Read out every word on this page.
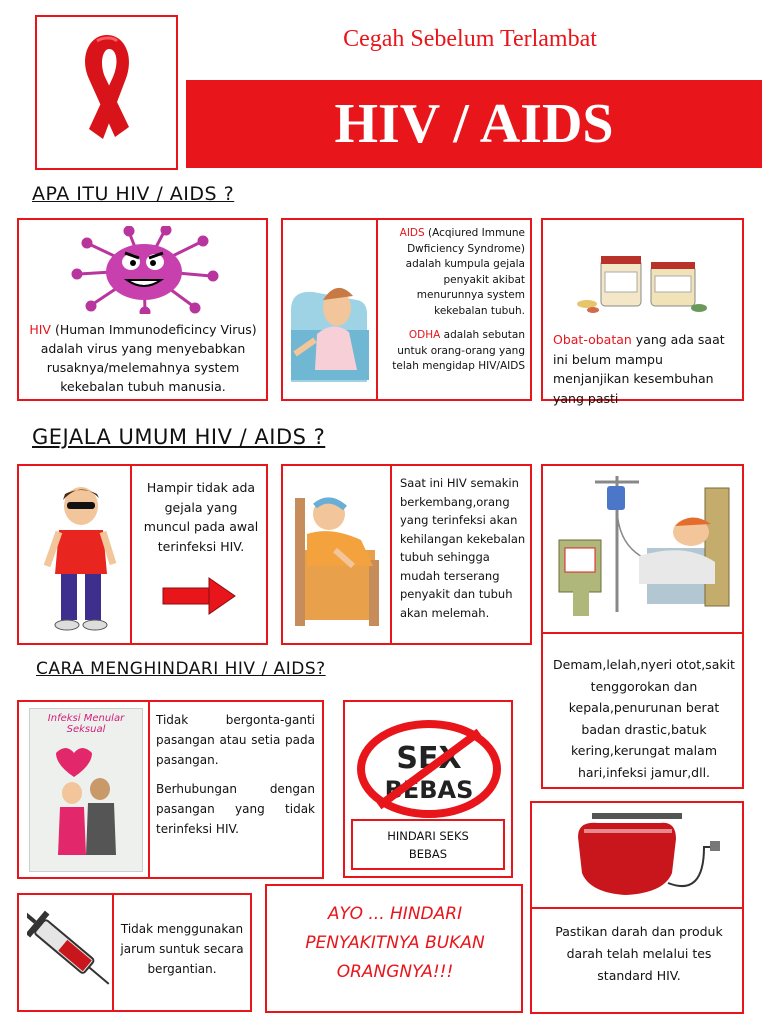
Cegah Sebelum Terlambat
HIV / AIDS
APA ITU HIV / AIDS ?
HIV (Human Immunodeficincy Virus) adalah virus yang menyebabkan rusaknya/melemahnya system kekebalan tubuh manusia.
AIDS (Acqiured Immune Dwficiency Syndrome) adalah kumpula gejala penyakit akibat menurunnya system kekebalan tubuh.
ODHA adalah sebutan untuk orang-orang yang telah mengidap HIV/AIDS
Obat-obatan yang ada saat ini belum mampu menjanjikan kesembuhan yang pasti
GEJALA UMUM HIV / AIDS ?
Hampir tidak ada gejala yang muncul pada awal terinfeksi HIV.
Saat ini HIV semakin berkembang,orang yang terinfeksi akan kehilangan kekebalan tubuh sehingga mudah terserang penyakit dan tubuh akan melemah.
Demam,lelah,nyeri otot,sakit tenggorokan dan kepala,penurunan berat badan drastic,batuk kering,kerungat malam hari,infeksi jamur,dll.
CARA MENGHINDARI HIV / AIDS?
Infeksi Menular Seksual
Tidak bergonta-ganti pasangan atau setia pada pasangan.
Berhubungan dengan pasangan yang tidak terinfeksi HIV.
SEX
BEBAS
HINDARI SEKS BEBAS
Pastikan darah dan produk darah telah melalui tes standard HIV.
Tidak menggunakan jarum suntuk secara bergantian.
AYO ... HINDARI PENYAKITNYA BUKAN ORANGNYA!!!
